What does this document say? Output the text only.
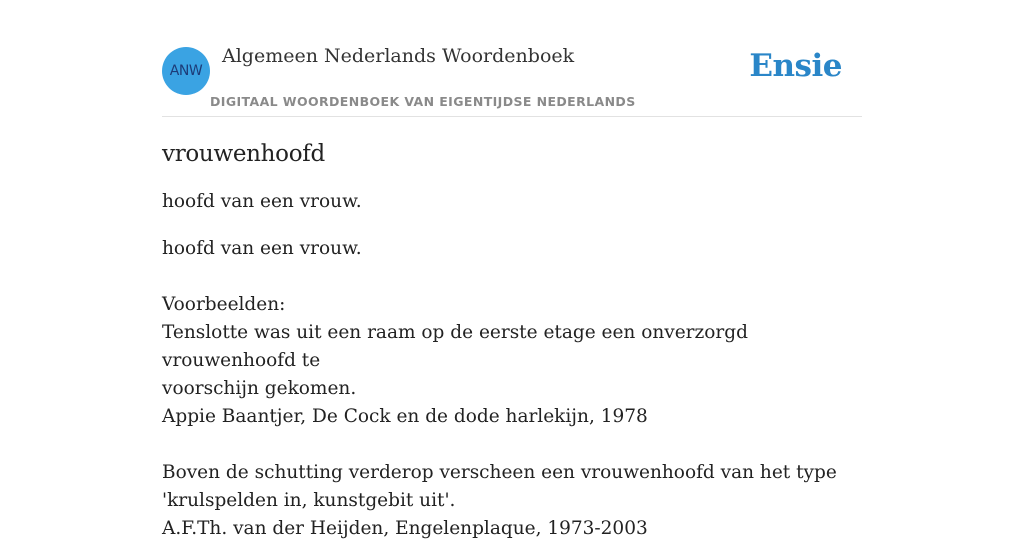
ANW
Algemeen Nederlands Woordenboek
DIGITAAL WOORDENBOEK VAN EIGENTIJDSE NEDERLANDS
Ensie
vrouwenhoofd

hoofd van een vrouw.

hoofd van een vrouw.
Voorbeelden:
Tenslotte was uit een raam op de eerste etage een onverzorgd vrouwenhoofd te
voorschijn gekomen.
Appie Baantjer, De Cock en de dode harlekijn, 1978
Boven de schutting verderop verscheen een vrouwenhoofd van het type
'krulspelden in, kunstgebit uit'.
A.F.Th. van der Heijden, Engelenplaque, 1973-2003
